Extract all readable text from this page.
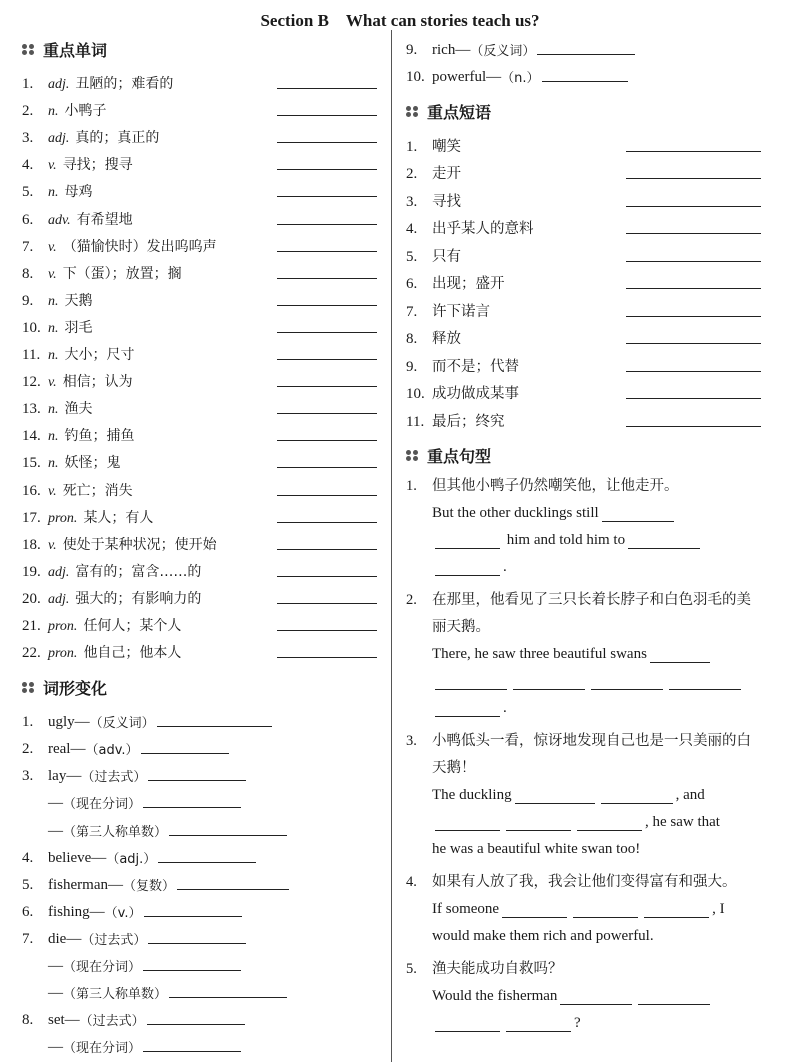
Section B　What can stories teach us?
重点单词
1.	adj. 丑陋的；难看的
2.	n. 小鸭子
3.	adj. 真的；真正的
4.	v. 寻找；搜寻
5.	n. 母鸡
6.	adv. 有希望地
7.	v. （猫愉快时）发出呜呜声
8.	v. 下（蛋）；放置；搁
9.	n. 天鹅
10. n. 羽毛
11. n. 大小；尺寸
12. v. 相信；认为
13. n. 渔夫
14. n. 钓鱼；捕鱼
15. n. 妖怪；鬼
16. v. 死亡；消失
17. pron. 某人；有人
18. v. 使处于某种状况；使开始
19. adj. 富有的；富含……的
20. adj. 强大的；有影响力的
21. pron. 任何人；某个人
22. pron. 他自己；他本人
词形变化
1. ugly— （反义词）
2. real— （adv.）
3. lay— （过去式）
— （现在分词）
— （第三人称单数）
4. believe— （adj.）
5. fisherman— （复数）
6. fishing— （v.）
7. die— （过去式）
— （现在分词）
— （第三人称单数）
8. set— （过去式）
— （现在分词）
9. rich— （反义词）
10. powerful— （n.）
重点短语
1.	嘲笑
2.	走开
3.	寻找
4.	出乎某人的意料
5.	只有
6.	出现；盛开
7.	许下诺言
8.	释放
9.	而不是；代替
10. 成功做成某事
11. 最后；终究
重点句型
1.	但其他小鸭子仍然嘲笑他，让他走开。
But the other ducklings still
him and told him to
.
2.	在那里，他看见了三只长着长脖子和白色羽毛的美丽天鹅。
There, he saw three beautiful swans
.
3.	小鸭低头一看，惊讶地发现自己也是一只美丽的白天鹅！
The duckling	, and
, he saw that
he was a beautiful white swan too!
4.	如果有人放了我，我会让他们变得富有和强大。
If someone	, I
would make them rich and powerful.
5.	渔夫能成功自救吗？
Would the fisherman
?
